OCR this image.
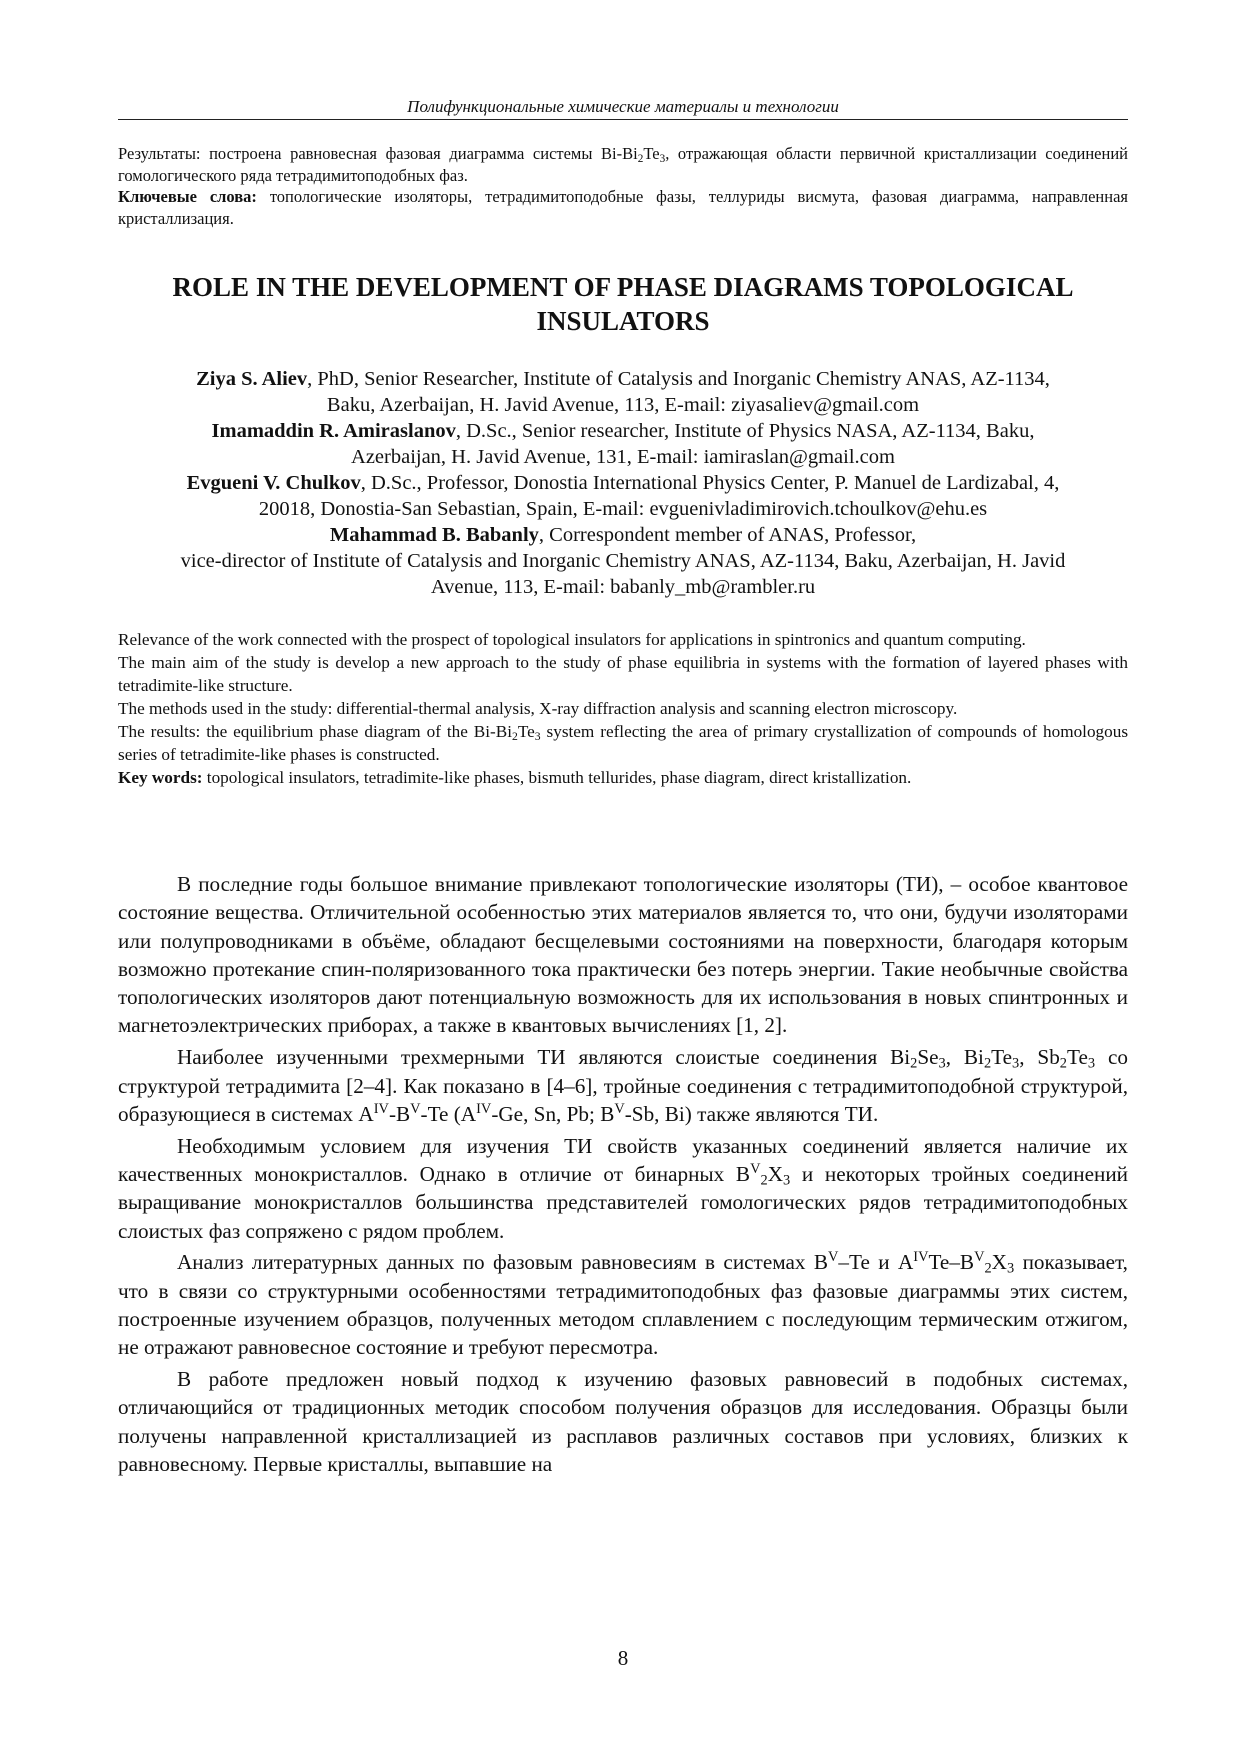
Полифункциональные химические материалы и технологии

Результаты: построена равновесная фазовая диаграмма системы $Bi-Bi_2Te_3$, отражающая области первичной кристаллизации соединений гомологического ряда тетрадимитоподобных фаз.

Ключевые слова: топологические изоляторы, тетрадимитоподобные фазы, теллуриды висмута, фазовая диаграмма, направленная кристаллизация.

ROLE IN THE DEVELOPMENT OF PHASE DIAGRAMS TOPOLOGICAL
INSULATORS

Ziya S. Aliev, PhD, Senior Researcher, Institute of Catalysis and Inorganic Chemistry ANAS, AZ-1134,
Baku, Azerbaijan, H. Javid Avenue, 113, E-mail: ziyasaliev@gmail.com

Imamaddin R. Amiraslanov, D.Sc., Senior researcher, Institute of Physics NASA, AZ-1134, Baku,
Azerbaijan, H. Javid Avenue, 131, E-mail: iamiraslan@gmail.com

Evgueni V. Chulkov, D.Sc., Professor, Donostia International Physics Center, P. Manuel de Lardizabal, 4,
20018, Donostia-San Sebastian, Spain, E-mail: evguenivladimirovich.tchoulkov@ehu.es

Mahammad B. Babanly, Correspondent member of ANAS, Professor,
vice-director of Institute of Catalysis and Inorganic Chemistry ANAS, AZ-1134, Baku, Azerbaijan, H. Javid
Avenue, 113, E-mail: babanly_mb@rambler.ru

Relevance of the work connected with the prospect of topological insulators for applications in spintronics and quantum computing.

The main aim of the study is develop a new approach to the study of phase equilibria in systems with the formation of layered phases with tetradimite-like structure.

The methods used in the study: differential-thermal analysis, X-ray diffraction analysis and scanning electron microscopy.

The results: the equilibrium phase diagram of the $Bi-Bi_2Te_3$ system reflecting the area of primary crystallization of compounds of homologous series of tetradimite-like phases is constructed.

Key words: topological insulators, tetradimite-like phases, bismuth tellurides, phase diagram, direct kristallization.

В последние годы большое внимание привлекают топологические изоляторы (ТИ), – особое квантовое состояние вещества. Отличительной особенностью этих материалов является то, что они, будучи изоляторами или полупроводниками в объёме, обладают бесщелевыми состояниями на поверхности, благодаря которым возможно протекание спин-поляризованного тока практически без потерь энергии. Такие необычные свойства топологических изоляторов дают потенциальную возможность для их использования в новых спинтронных и магнетоэлектрических приборах, а также в квантовых вычислениях [1, 2].

Наиболее изученными трехмерными ТИ являются слоистые соединения $Bi_2Se_3$, $Bi_2Te_3$, $Sb_2Te_3$ со структурой тетрадимита [2–4]. Как показано в [4–6], тройные соединения с тетрадимитоподобной структурой, образующиеся в системах $A^{IV}-B^V-Te$ ($A^{IV}-Ge$, Sn, Pb; $B^V-Sb$, Bi) также являются ТИ.

Необходимым условием для изучения ТИ свойств указанных соединений является наличие их качественных монокристаллов. Однако в отличие от бинарных $B^V_2X_3$ и некоторых тройных соединений выращивание монокристаллов большинства представителей гомологических рядов тетрадимитоподобных слоистых фаз сопряжено с рядом проблем.

Анализ литературных данных по фазовым равновесиям в системах $B^V-Te$ и $A^{IV}Te-B^V_2X_3$ показывает, что в связи со структурными особенностями тетрадимитоподобных фаз фазовые диаграммы этих систем, построенные изучением образцов, полученных методом сплавлением с последующим термическим отжигом, не отражают равновесное состояние и требуют пересмотра.

В работе предложен новый подход к изучению фазовых равновесий в подобных системах, отличающийся от традиционных методик способом получения образцов для исследования. Образцы были получены направленной кристаллизацией из расплавов различных составов при условиях, близких к равновесному. Первые кристаллы, выпавшие на

8
